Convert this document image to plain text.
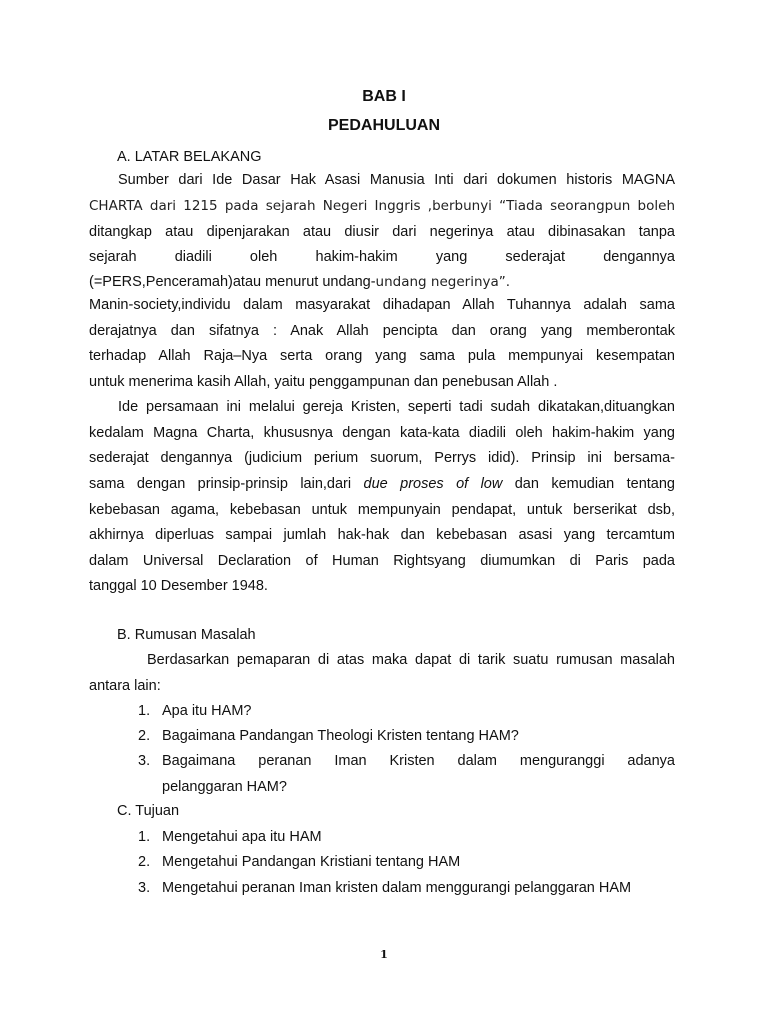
BAB I
PEDAHULUAN
A. LATAR BELAKANG
Sumber dari Ide Dasar Hak Asasi Manusia Inti dari dokumen historis MAGNA
CHARTA dari 1215 pada sejarah Negeri Inggris ,berbunyi “Tiada seorangpun boleh
ditangkap atau dipenjarakan atau diusir dari negerinya atau dibinasakan tanpa
sejarah diadili oleh hakim-hakim yang sederajat dengannya
(=PERS,Penceramah)atau menurut undang-undang negerinya”.
Manin-society,individu dalam masyarakat dihadapan Allah Tuhannya adalah sama
derajatnya dan sifatnya : Anak Allah pencipta dan orang yang memberontak
terhadap Allah Raja–Nya serta orang yang sama pula mempunyai kesempatan
untuk menerima kasih Allah, yaitu penggampunan dan penebusan Allah .
Ide persamaan ini melalui gereja Kristen, seperti tadi sudah dikatakan,dituangkan
kedalam Magna Charta, khususnya dengan kata-kata diadili oleh hakim-hakim yang
sederajat dengannya (judicium perium suorum, Perrys idid). Prinsip ini bersama-
sama dengan prinsip-prinsip lain,dari due proses of low dan kemudian tentang
kebebasan agama, kebebasan untuk mempunyain pendapat, untuk berserikat dsb,
akhirnya diperluas sampai jumlah hak-hak dan kebebasan asasi yang tercamtum
dalam Universal Declaration of Human Rightsyang diumumkan di Paris pada
tanggal 10 Desember 1948.
B. Rumusan Masalah
Berdasarkan pemaparan di atas maka dapat di tarik suatu rumusan masalah
antara lain:
1. Apa itu HAM?
2. Bagaimana Pandangan Theologi Kristen tentang HAM?
3. Bagaimana peranan Iman Kristen dalam menguranggi adanya
pelanggaran HAM?
C. Tujuan
1. Mengetahui apa itu HAM
2. Mengetahui Pandangan Kristiani tentang HAM
3. Mengetahui peranan Iman kristen dalam menggurangi pelanggaran HAM
1
